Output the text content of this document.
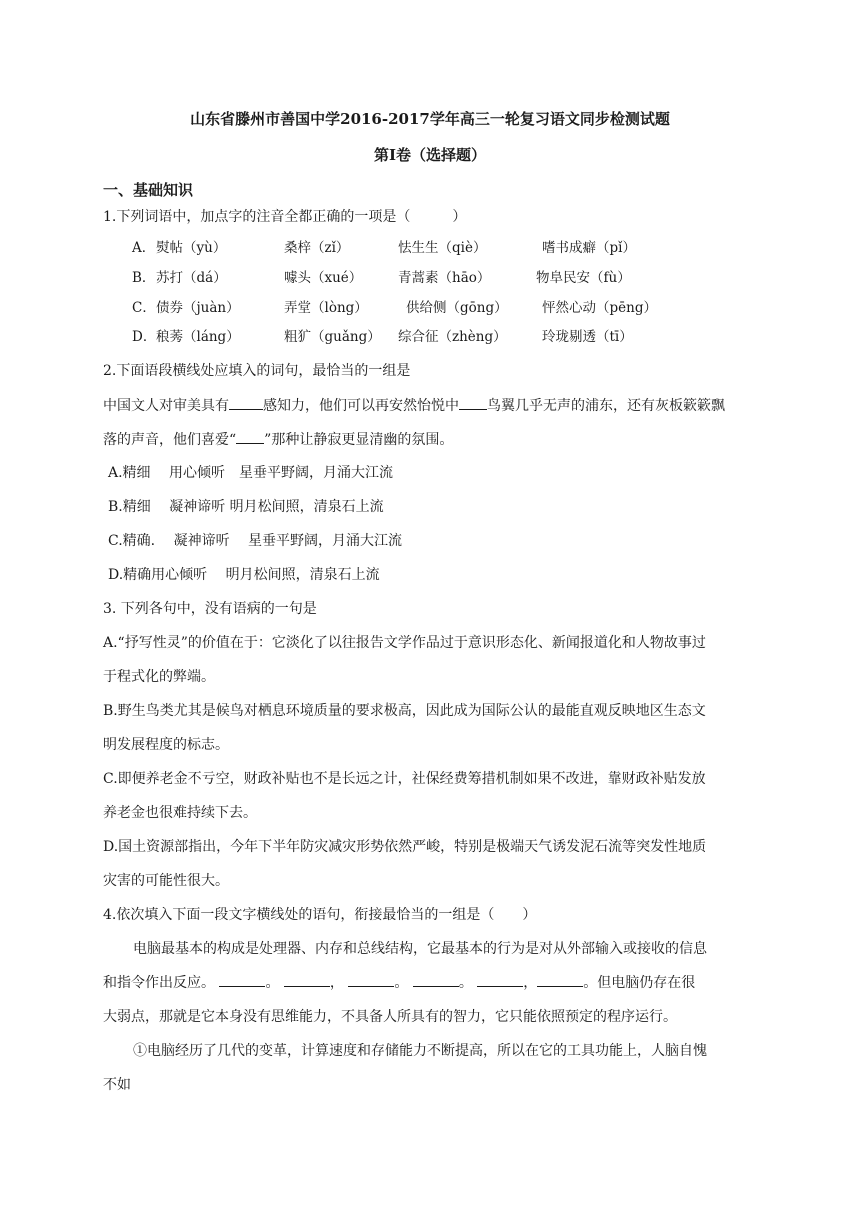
山东省滕州市善国中学2016-2017学年高三一轮复习语文同步检测试题
第I卷（选择题）
一、基础知识
1.下列词语中，加点字的注音全都正确的一项是（　　　）
A． 熨帖（yù）	桑梓（zǐ）	怯生生（qiè）	嗜书成癖（pǐ）
B． 苏打（dá）	噱头（xué）	青蒿素（hāo）	物阜民安（fù）
C． 债券（juàn）	弄堂（lòng）	供给侧（gōng）	怦然心动（pēng）
D． 稂莠（láng）	粗犷（guǎng） 综合征（zhèng）	玲珑剔透（tī）
2.下面语段横线处应填入的词句，最恰当的一组是
中国文人对审美具有 感知力，他们可以再安然怡悦中 鸟翼几乎无声的浦东，还有灰板簌簌飘
落的声音，他们喜爱“ ”那种让静寂更显清幽的氛围。
A.精细　 用心倾听　星垂平野阔，月涌大江流
B.精细　 凝神谛听 明月松间照，清泉石上流
C.精确.　 凝神谛听　 星垂平野阔，月涌大江流
D.精确用心倾听　 明月松间照，清泉石上流
3. 下列各句中，没有语病的一句是
A.“抒写性灵”的价值在于：它淡化了以往报告文学作品过于意识形态化、新闻报道化和人物故事过
于程式化的弊端。
B.野生鸟类尤其是候鸟对栖息环境质量的要求极高，因此成为国际公认的最能直观反映地区生态文
明发展程度的标志。
C.即便养老金不亏空，财政补贴也不是长远之计，社保经费筹措机制如果不改进，靠财政补贴发放
养老金也很难持续下去。
D.国土资源部指出，今年下半年防灾减灾形势依然严峻，特别是极端天气诱发泥石流等突发性地质
灾害的可能性很大。
4.依次填入下面一段文字横线处的语句，衔接最恰当的一组是（　　）
电脑最基本的构成是处理器、内存和总线结构，它最基本的行为是对从外部输入或接收的信息
和指令作出反应。	。	，	。	。	，	。但电脑仍存在很
大弱点，那就是它本身没有思维能力，不具备人所具有的智力，它只能依照预定的程序运行。
①电脑经历了几代的变革，计算速度和存储能力不断提高，所以在它的工具功能上，人脑自愧
不如
